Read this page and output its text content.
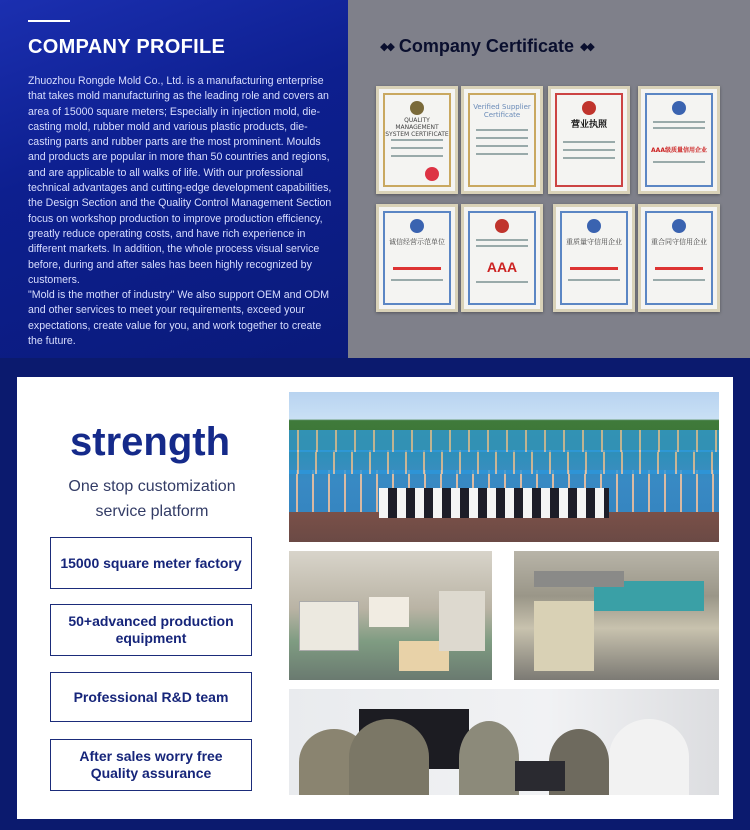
COMPANY PROFILE

Zhuozhou Rongde Mold Co., Ltd. is a manufacturing enterprise that takes mold manufacturing as the leading role and covers an area of 15000 square meters; Especially in injection mold, die-casting mold, rubber mold and various plastic products, die-casting parts and rubber parts are the most prominent. Moulds and products are popular in more than 50 countries and regions, and are applicable to all walks of life. With our professional technical advantages and cutting-edge development capabilities, the Design Section and the Quality Control Management Section focus on workshop production to improve production efficiency, greatly reduce operating costs, and have rich experience in different markets. In addition, the whole process visual service before, during and after sales has been highly recognized by customers.
"Mold is the mother of industry" We also support OEM and ODM and other services to meet your requirements, exceed your expectations, create value for you, and work together to create the future.

◆◆ Company Certificate ◆◆
QUALITY MANAGEMENT SYSTEM CERTIFICATE
Verified Supplier Certificate
营业执照
AAA级质量信用企业
诚信经营示范单位
AAA
重质量守信用企业	重合同守信用企业
strength
One stop customization
service platform
15000 square meter factory
50+advanced production
equipment
Professional R&D team
After sales worry free
Quality assurance
